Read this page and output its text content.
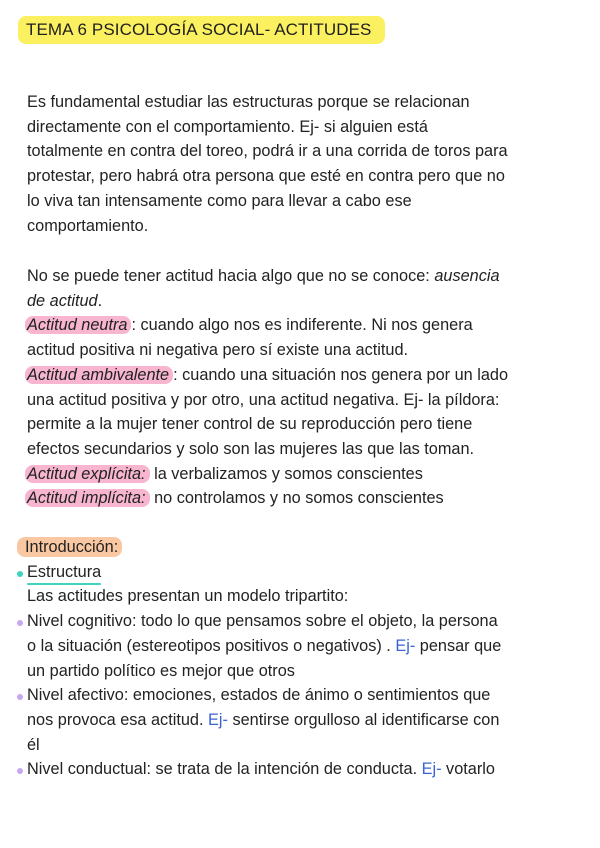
TEMA 6 PSICOLOGÍA SOCIAL- ACTITUDES
Es fundamental estudiar las estructuras porque se relacionan
directamente con el comportamiento. Ej- si alguien está
totalmente en contra del toreo, podrá ir a una corrida de toros para
protestar, pero habrá otra persona que esté en contra pero que no
lo viva tan intensamente como para llevar a cabo ese
comportamiento.
No se puede tener actitud hacia algo que no se conoce: ausencia
de actitud.
Actitud neutra : cuando algo nos es indiferente. Ni nos genera
actitud positiva ni negativa pero sí existe una actitud.
Actitud ambivalente : cuando una situación nos genera por un lado
una actitud positiva y por otro, una actitud negativa. Ej- la píldora:
permite a la mujer tener control de su reproducción pero tiene
efectos secundarios y solo son las mujeres las que las toman.
Actitud explícita: la verbalizamos y somos conscientes
Actitud implícita: no controlamos y no somos conscientes
Introducción:
Estructura
Las actitudes presentan un modelo tripartito:
Nivel cognitivo: todo lo que pensamos sobre el objeto, la persona
o la situación (estereotipos positivos o negativos) . Ej- pensar que
un partido político es mejor que otros
Nivel afectivo: emociones, estados de ánimo o sentimientos que
nos provoca esa actitud. Ej- sentirse orgulloso al identificarse con
él
Nivel conductual: se trata de la intención de conducta. Ej- votarlo
